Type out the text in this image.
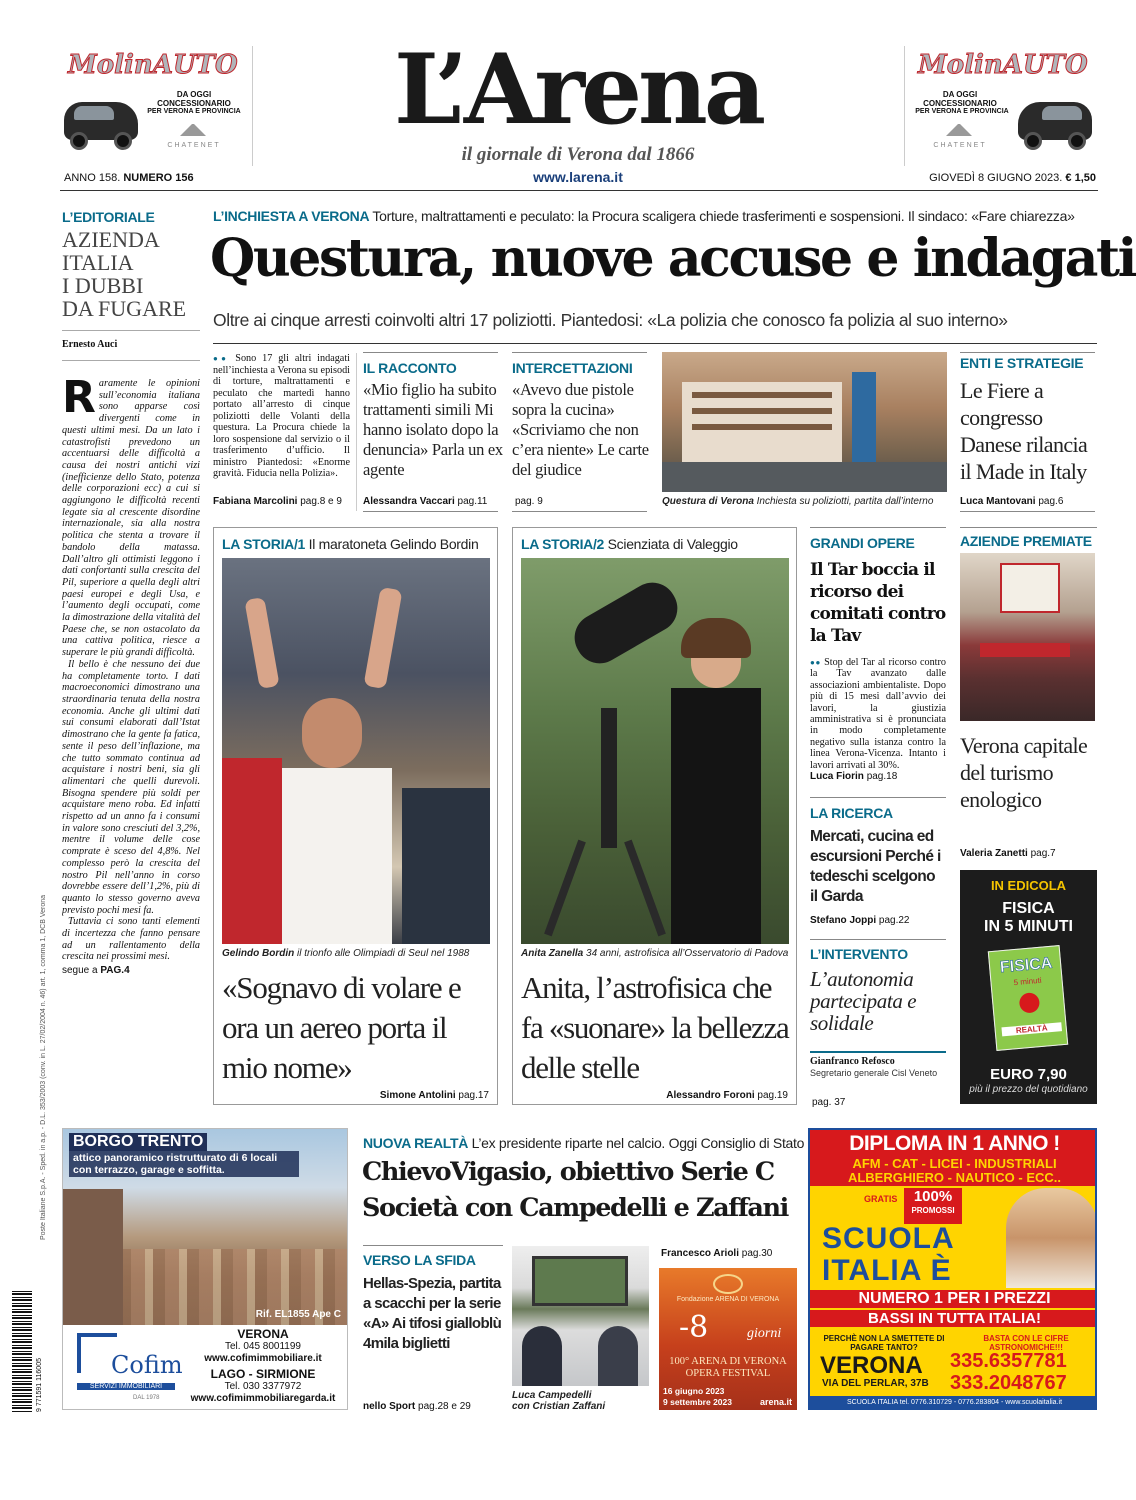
MolinAUTO
DA OGGI
CONCESSIONARIO
PER VERONA E PROVINCIA
CHATENET	L’Arena
il giornale di Verona dal 1866
MolinAUTO
DA OGGI
CONCESSIONARIO
PER VERONA E PROVINCIA
CHATENET
ANNO 158. NUMERO 156	www.larena.it	GIOVEDÌ 8 GIUGNO 2023. € 1,50
L’EDITORIALE
AZIENDA
ITALIA
I DUBBI
DA FUGARE
Ernesto Auci
R aramente le opinioni sull’economia italiana sono apparse così divergenti come in questi ultimi mesi. Da un lato i catastrofisti prevedono un accentuarsi delle difficoltà a causa dei nostri antichi vizi (inefficienze dello Stato, potenza delle corporazioni ecc) a cui si aggiungono le difficoltà recenti legate sia al crescente disordine internazionale, sia alla nostra politica che stenta a trovare il bandolo della matassa. Dall’altro gli ottimisti leggono i dati confortanti sulla crescita del Pil, superiore a quella degli altri paesi europei e degli Usa, e l’aumento degli occupati, come la dimostrazione della vitalità del Paese che, se non ostacolato da una cattiva politica, riesce a superare le più grandi difficoltà.
Il bello è che nessuno dei due ha completamente torto. I dati macroeconomici dimostrano una straordinaria tenuta della nostra economia. Anche gli ultimi dati sui consumi elaborati dall’Istat dimostrano che la gente fa fatica, sente il peso dell’inflazione, ma che tutto sommato continua ad acquistare i nostri beni, sia gli alimentari che quelli durevoli. Bisogna spendere più soldi per acquistare meno roba. Ed infatti rispetto ad un anno fa i consumi in valore sono cresciuti del 3,2%, mentre il volume delle cose comprate è sceso del 4,8%. Nel complesso però la crescita del nostro Pil nell’anno in corso dovrebbe essere dell’1,2%, più di quanto lo stesso governo aveva previsto pochi mesi fa.
Tuttavia ci sono tanti elementi di incertezza che fanno pensare ad un rallentamento della crescita nei prossimi mesi.
segue a PAG.4
Poste Italiane S.p.A. - Sped. in a.p. - D.L. 353/2003 (conv. in L. 27/02/2004 n. 46) art. 1, comma 1, DCB Verona
L’INCHIESTA A VERONA Torture, maltrattamenti e peculato: la Procura scaligera chiede trasferimenti e sospensioni. Il sindaco: «Fare chiarezza»
Questura, nuove accuse e indagati
Oltre ai cinque arresti coinvolti altri 17 poliziotti. Piantedosi: «La polizia che conosco fa polizia al suo interno»
●● Sono 17 gli altri indagati nell’inchiesta a Verona su episodi di torture, maltrattamenti e peculato che martedì hanno portato all’arresto di cinque poliziotti delle Volanti della questura. La Procura chiede la loro sospensione dal servizio o il trasferimento d’ufficio. Il ministro Piantedosi: «Enorme gravità. Fiducia nella Polizia».
Fabiana Marcolini pag.8 e 9
IL RACCONTO
«Mio figlio ha subito trattamenti simili Mi hanno isolato dopo la denuncia» Parla un ex agente
Alessandra Vaccari pag.11
INTERCETTAZIONI
«Avevo due pistole sopra la cucina» «Scriviamo che non c’era niente» Le carte del giudice
pag. 9	Questura di Verona Inchiesta su poliziotti, partita dall’interno
ENTI E STRATEGIE
Le Fiere a congresso Danese rilancia il Made in Italy
Luca Mantovani pag.6
LA STORIA/1 Il maratoneta Gelindo Bordin
Gelindo Bordin il trionfo alle Olimpiadi di Seul nel 1988
«Sognavo di volare e ora un aereo porta il mio nome»
Simone Antolini pag.17
LA STORIA/2 Scienziata di Valeggio
Anita Zanella 34 anni, astrofisica all’Osservatorio di Padova
Anita, l’astrofisica che fa «suonare» la bellezza delle stelle
Alessandro Foroni pag.19
GRANDI OPERE
Il Tar boccia il ricorso dei comitati contro la Tav
●● Stop del Tar al ricorso contro la Tav avanzato dalle associazioni ambientaliste. Dopo più di 15 mesi dall’avvio dei lavori, la giustizia amministrativa si è pronunciata in modo completamente negativo sulla istanza contro la linea Verona-Vicenza. Intanto i lavori arrivati al 30%.
Luca Fiorin pag.18
LA RICERCA
Mercati, cucina ed escursioni Perché i tedeschi scelgono il Garda
Stefano Joppi pag.22
L’INTERVENTO
L’autonomia partecipata e solidale
Gianfranco Refosco
Segretario generale Cisl Veneto
pag. 37
AZIENDE PREMIATE
Verona capitale del turismo enologico
Valeria Zanetti pag.7
IN EDICOLA
FISICA
IN 5 MINUTI
FISICA
5 minuti
REALTÀ
EURO 7,90
più il prezzo del quotidiano
BORGO TRENTO
attico panoramico ristrutturato di 6 locali con terrazzo, garage e soffitta.
Rif. EL1855 Ape C
Cofim
SERVIZI IMMOBILIARI
DAL 1978
VERONA
Tel. 045 8001199
www.cofimimmobiliare.it
LAGO - SIRMIONE
Tel. 030 3377972
www.cofimimmobiliaregarda.it
NUOVA REALTÀ L’ex presidente riparte nel calcio. Oggi Consiglio di Stato
ChievoVigasio, obiettivo Serie C Società con Campedelli e Zaffani
VERSO LA SFIDA
Hellas-Spezia, partita a scacchi per la serie «A» Ai tifosi gialloblù 4mila biglietti
nello Sport pag.28 e 29
Luca Campedelli
con Cristian Zaffani
Francesco Arioli pag.30
Fondazione ARENA DI VERONA
-8	giorni
100° ARENA DI VERONA
OPERA FESTIVAL
16 giugno 2023
9 settembre 2023	arena.it
DIPLOMA IN 1 ANNO !
AFM - CAT - LICEI - INDUSTRIALI
ALBERGHIERO - NAUTICO - ECC..
GRATIS	100%
PROMOSSI
SCUOLA
ITALIA È
NUMERO 1 PER I PREZZI
BASSI IN TUTTA ITALIA!
PERCHÈ NON LA SMETTETE DI PAGARE TANTO?
BASTA CON LE CIFRE ASTRONOMICHE!!!
VERONA
VIA DEL PERLAR, 37B
335.6357781
333.2048767
SCUOLA ITALIA tel. 0776.310729 - 0776.283804 - www.scuolaitalia.it
9 771591 116005
